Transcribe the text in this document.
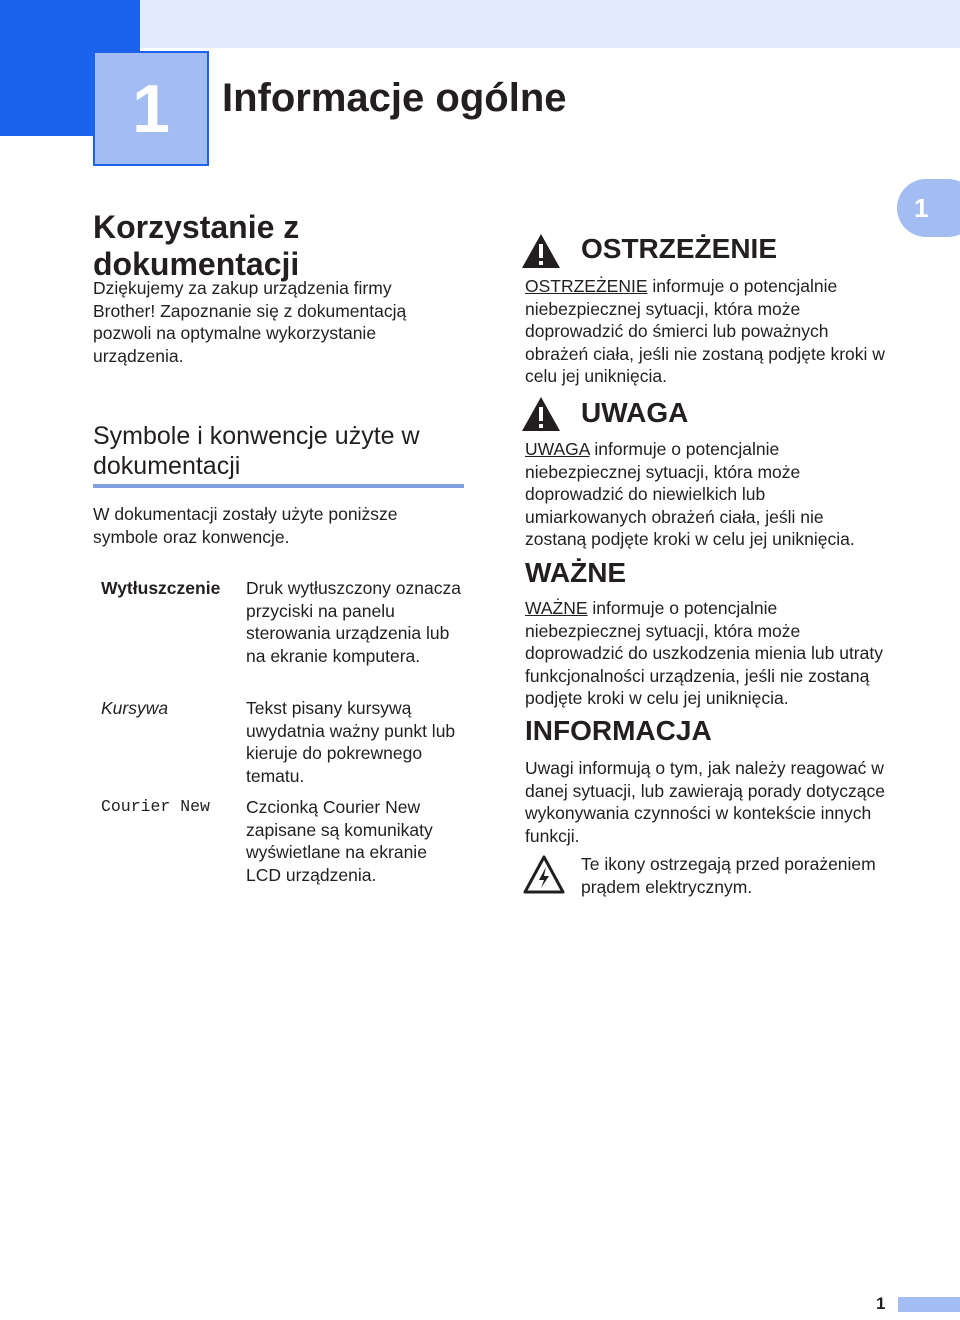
1 Informacje ogólne
Korzystanie z dokumentacji
Dziękujemy za zakup urządzenia firmy Brother! Zapoznanie się z dokumentacją pozwoli na optymalne wykorzystanie urządzenia.
Symbole i konwencje użyte w dokumentacji
W dokumentacji zostały użyte poniższe symbole oraz konwencje.
Wytłuszczenie Druk wytłuszczony oznacza przyciski na panelu sterowania urządzenia lub na ekranie komputera.
Kursywa	Tekst pisany kursywą uwydatnia ważny punkt lub kieruje do pokrewnego tematu.
Courier New Czcionką Courier New zapisane są komunikaty wyświetlane na ekranie LCD urządzenia.
OSTRZEŻENIE
OSTRZEŻENIE informuje o potencjalnie niebezpiecznej sytuacji, która może doprowadzić do śmierci lub poważnych obrażeń ciała, jeśli nie zostaną podjęte kroki w celu jej uniknięcia.
UWAGA
UWAGA informuje o potencjalnie niebezpiecznej sytuacji, która może doprowadzić do niewielkich lub umiarkowanych obrażeń ciała, jeśli nie zostaną podjęte kroki w celu jej uniknięcia.
WAŻNE
WAŻNE informuje o potencjalnie niebezpiecznej sytuacji, która może doprowadzić do uszkodzenia mienia lub utraty funkcjonalności urządzenia, jeśli nie zostaną podjęte kroki w celu jej uniknięcia.
INFORMACJA
Uwagi informują o tym, jak należy reagować w danej sytuacji, lub zawierają porady dotyczące wykonywania czynności w kontekście innych funkcji.
Te ikony ostrzegają przed porażeniem prądem elektrycznym.
1
1
